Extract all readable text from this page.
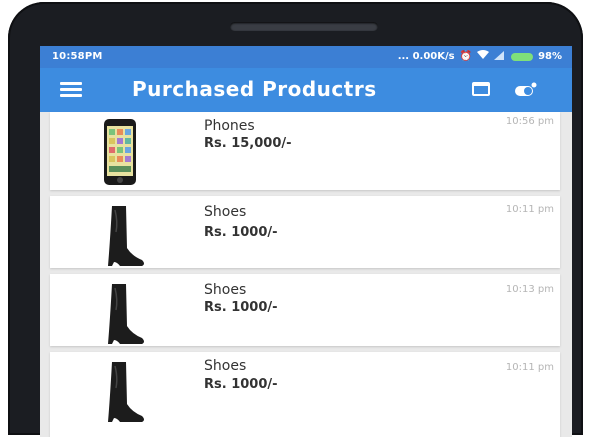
10:58PM	... 0.00K/s ⏰	98%
Purchased Productrs
Phones
Rs. 15,000/-
10:56 pm
Shoes
Rs. 1000/-
10:11 pm
Shoes
Rs. 1000/-
10:13 pm
Shoes
Rs. 1000/-
10:11 pm
